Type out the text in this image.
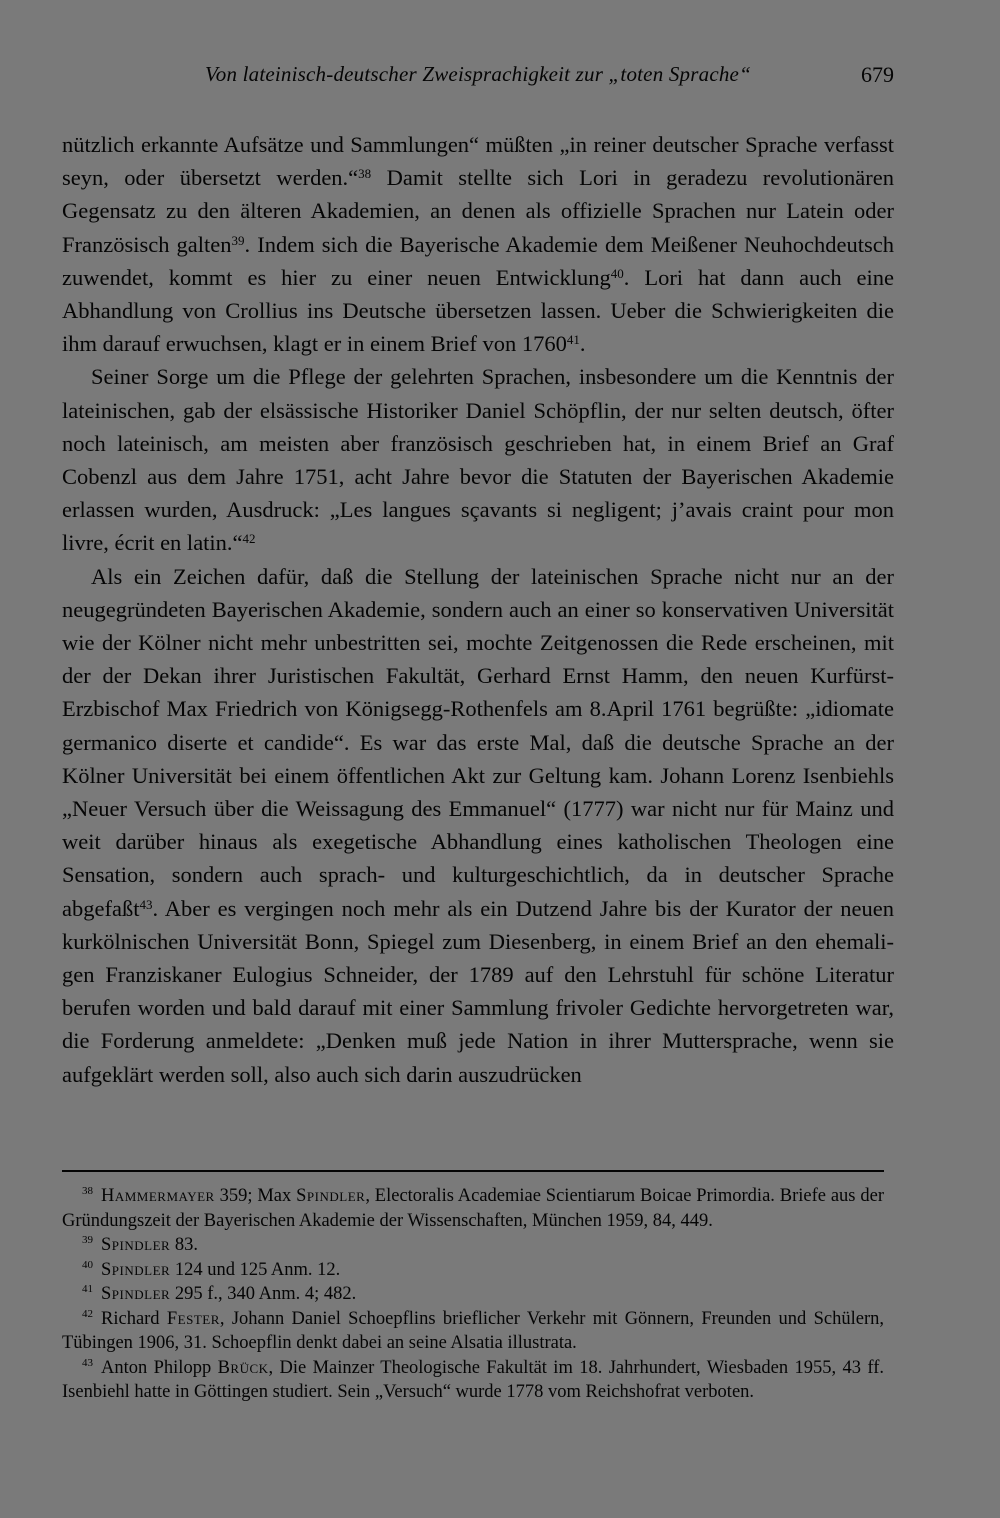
Von lateinisch-deutscher Zweisprachigkeit zur „toten Sprache“	679

nützlich erkannte Aufsätze und Sammlungen“ müßten „in reiner deutscher Sprache verfasst seyn, oder übersetzt werden.“$^{38}$ Damit stellte sich Lori in geradezu revolutionären Gegensatz zu den älteren Akademien, an denen als offizielle Sprachen nur Latein oder Französisch galten$^{39}$. Indem sich die Bayerische Akademie dem Meißener Neuhochdeutsch zuwendet, kommt es hier zu einer neuen Entwicklung$^{40}$. Lori hat dann auch eine Abhandlung von Crollius ins Deutsche übersetzen lassen. Ueber die Schwierigkeiten die ihm darauf erwuchsen, klagt er in einem Brief von 1760$^{41}$.

Seiner Sorge um die Pflege der gelehrten Sprachen, insbesondere um die Kenntnis der lateinischen, gab der elsässische Historiker Daniel Schöpflin, der nur selten deutsch, öfter noch lateinisch, am meisten aber französisch geschrieben hat, in einem Brief an Graf Cobenzl aus dem Jahre 1751, acht Jahre bevor die Statuten der Bayerischen Akademie erlassen wurden, Ausdruck: „Les langues sçavants si negligent; j’avais craint pour mon livre, écrit en latin.“$^{42}$

Als ein Zeichen dafür, daß die Stellung der lateinischen Sprache nicht nur an der neugegründeten Bayerischen Akademie, sondern auch an einer so konservativen Universität wie der Kölner nicht mehr unbestritten sei, mochte Zeitgenossen die Rede erscheinen, mit der der Dekan ihrer Juristischen Fakultät, Gerhard Ernst Hamm, den neuen Kurfürst-Erzbischof Max Friedrich von Königsegg-Rothenfels am 8.April 1761 begrüßte: „idiomate germanico diserte et candide“. Es war das erste Mal, daß die deutsche Sprache an der Kölner Universität bei einem öffentlichen Akt zur Geltung kam. Johann Lorenz Isenbiehls „Neuer Versuch über die Weissagung des Emmanuel“ (1777) war nicht nur für Mainz und weit darüber hinaus als exegetische Abhandlung eines katholischen Theologen eine Sensation, sondern auch sprach- und kulturgeschichtlich, da in deutscher Sprache abgefaßt$^{43}$. Aber es vergingen noch mehr als ein Dutzend Jahre bis der Kurator der neuen kurkölnischen Universität Bonn, Spiegel zum Diesenberg, in einem Brief an den ehemaligen Franziskaner Eulogius Schneider, der 1789 auf den Lehrstuhl für schöne Literatur berufen worden und bald darauf mit einer Sammlung frivoler Gedichte hervorgetreten war, die Forderung anmeldete: „Denken muß jede Nation in ihrer Muttersprache, wenn sie aufgeklärt werden soll, also auch sich darin auszudrücken

$^{38}$ Hammermayer 359; Max Spindler, Electoralis Academiae Scientiarum Boicae Primordia. Briefe aus der Gründungszeit der Bayerischen Akademie der Wissenschaften, München 1959, 84, 449.

$^{39}$ Spindler 83.

$^{40}$ Spindler 124 und 125 Anm. 12.

$^{41}$ Spindler 295 f., 340 Anm. 4; 482.

$^{42}$ Richard Fester, Johann Daniel Schoepflins brieflicher Verkehr mit Gönnern, Freunden und Schülern, Tübingen 1906, 31. Schoepflin denkt dabei an seine Alsatia illustrata.

$^{43}$ Anton Philopp Brück, Die Mainzer Theologische Fakultät im 18. Jahrhundert, Wiesbaden 1955, 43 ff. Isenbiehl hatte in Göttingen studiert. Sein „Versuch“ wurde 1778 vom Reichshofrat verboten.
